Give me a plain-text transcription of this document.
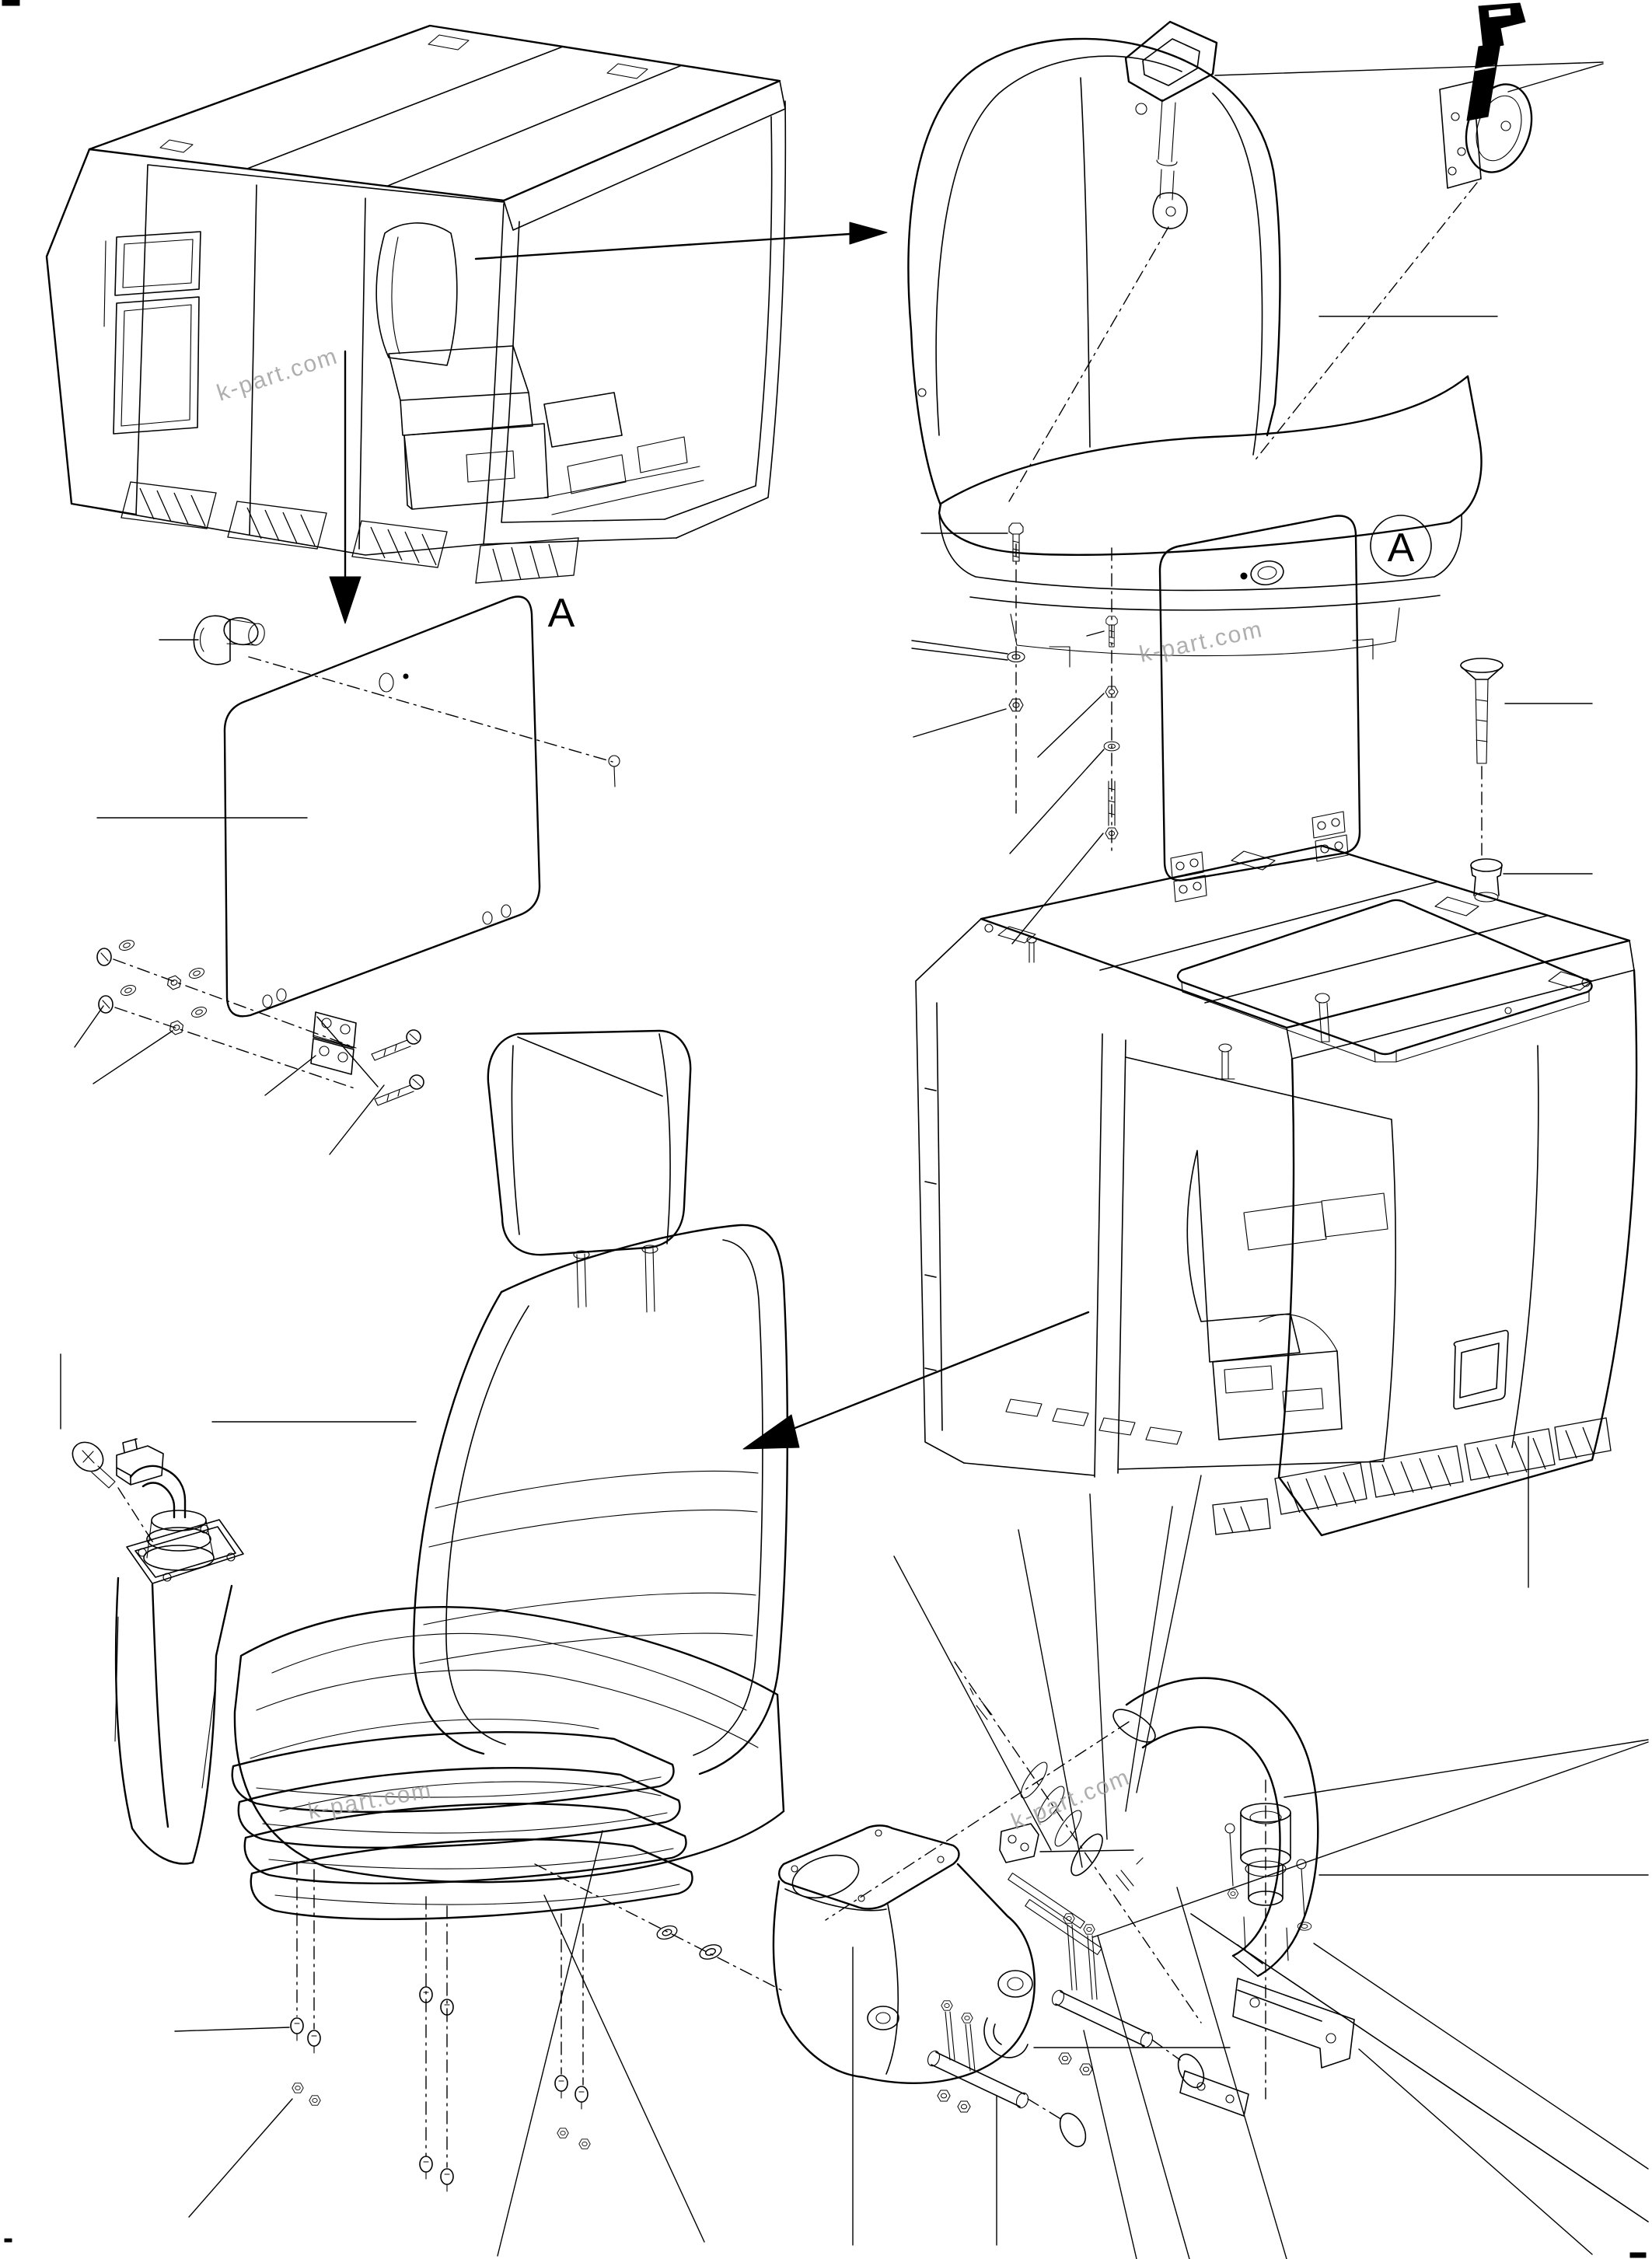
A
A
k-part.com
k-part.com
k-part.com	k-part.com
